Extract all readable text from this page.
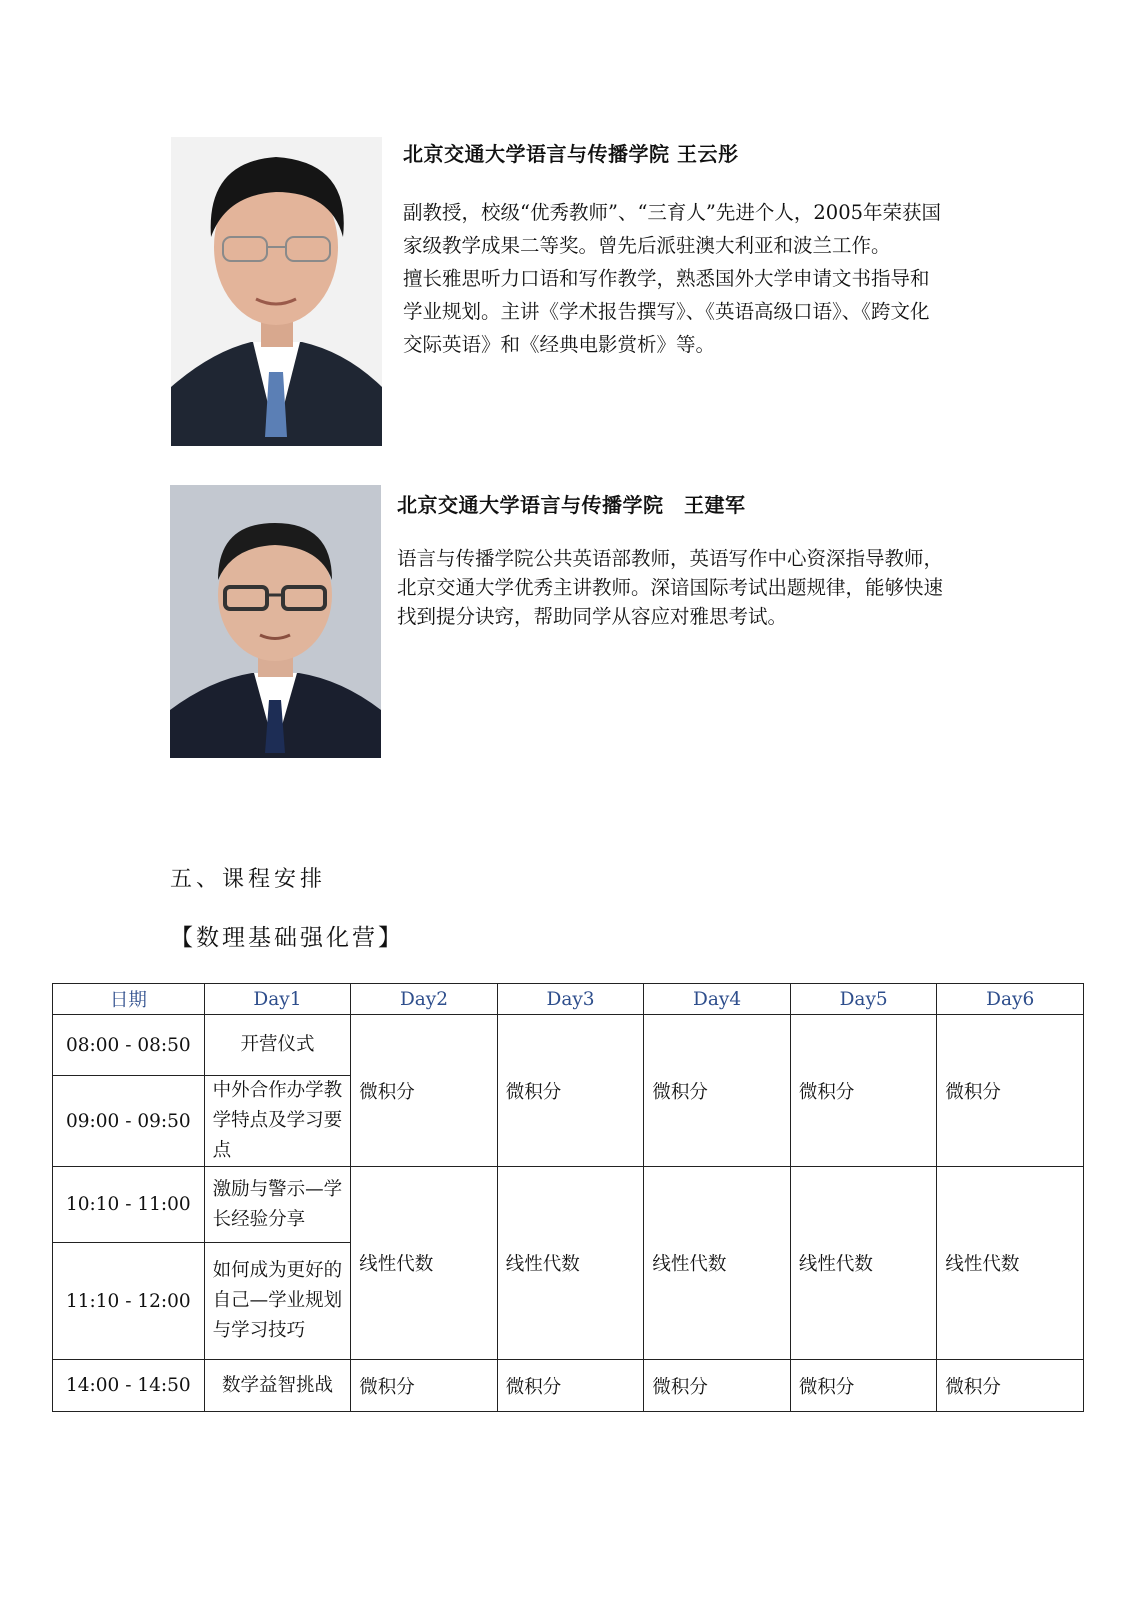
北京交通大学语言与传播学院 王云彤

副教授，校级“优秀教师”、“三育人”先进个人，2005年荣获国家级教学成果二等奖。曾先后派驻澳大利亚和波兰工作。

擅长雅思听力口语和写作教学，熟悉国外大学申请文书指导和学业规划。主讲《学术报告撰写》、《英语高级口语》、《跨文化交际英语》和《经典电影赏析》等。

北京交通大学语言与传播学院　王建军

语言与传播学院公共英语部教师，英语写作中心资深指导教师，北京交通大学优秀主讲教师。深谙国际考试出题规律，能够快速找到提分诀窍，帮助同学从容应对雅思考试。

五、课程安排
【数理基础强化营】
日期	Day1	Day2	Day3	Day4	Day5	Day6
08:00 - 08:50	开营仪式	微积分	微积分	微积分	微积分	微积分
09:00 - 09:50	中外合作办学教学特点及学习要点					
10:10 - 11:00	激励与警示—学长经验分享	线性代数	线性代数	线性代数	线性代数	线性代数
11:10 - 12:00	如何成为更好的自己—学业规划与学习技巧					
14:00 - 14:50	数学益智挑战	微积分	微积分	微积分	微积分	微积分
